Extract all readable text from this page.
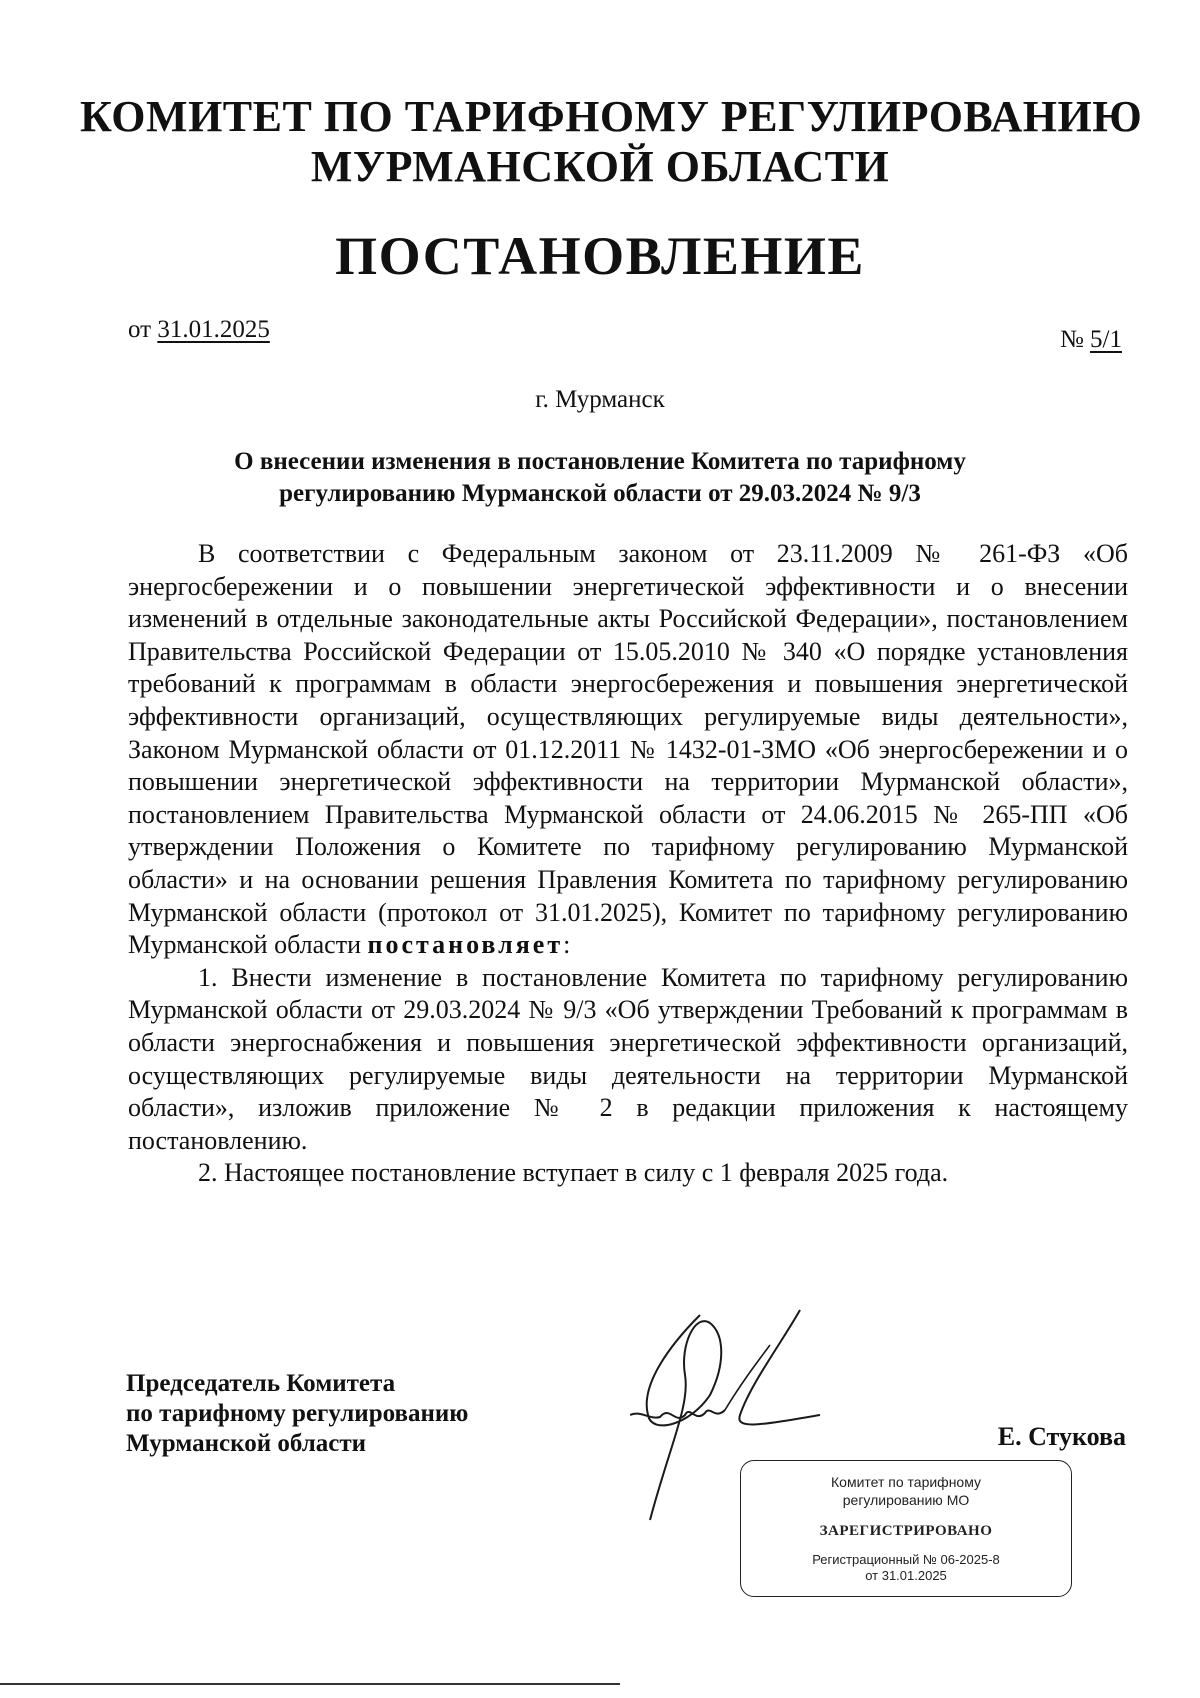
КОМИТЕТ ПО ТАРИФНОМУ РЕГУЛИРОВАНИЮ
МУРМАНСКОЙ ОБЛАСТИ
ПОСТАНОВЛЕНИЕ
от 31.01.2025	№ 5/1
г. Мурманск
О внесении изменения в постановление Комитета по тарифному
регулированию Мурманской области от 29.03.2024 № 9/3

В соответствии с Федеральным законом от 23.11.2009 № 261-ФЗ «Об энергосбережении и о повышении энергетической эффективности и о внесении изменений в отдельные законодательные акты Российской Федерации», постановлением Правительства Российской Федерации от 15.05.2010 № 340 «О порядке установления требований к программам в области энергосбережения и повышения энергетической эффективности организаций, осуществляющих регулируемые виды деятельности», Законом Мурманской области от 01.12.2011 № 1432-01-ЗМО «Об энергосбережении и о повышении энергетической эффективности на территории Мурманской области», постановлением Правительства Мурманской области от 24.06.2015 № 265-ПП «Об утверждении Положения о Комитете по тарифному регулированию Мурманской области» и на основании решения Правления Комитета по тарифному регулированию Мурманской области (протокол от 31.01.2025), Комитет по тарифному регулированию Мурманской области постановляет:

1. Внести изменение в постановление Комитета по тарифному регулированию Мурманской области от 29.03.2024 № 9/3 «Об утверждении Требований к программам в области энергоснабжения и повышения энергетической эффективности организаций, осуществляющих регулируемые виды деятельности на территории Мурманской области», изложив приложение № 2 в редакции приложения к настоящему постановлению.

2. Настоящее постановление вступает в силу с 1 февраля 2025 года.

Председатель Комитета
по тарифному регулированию
Мурманской области	Е. Стукова
Комитет по тарифному
регулированию МО
ЗАРЕГИСТРИРОВАНО
Регистрационный № 06-2025-8
от 31.01.2025
